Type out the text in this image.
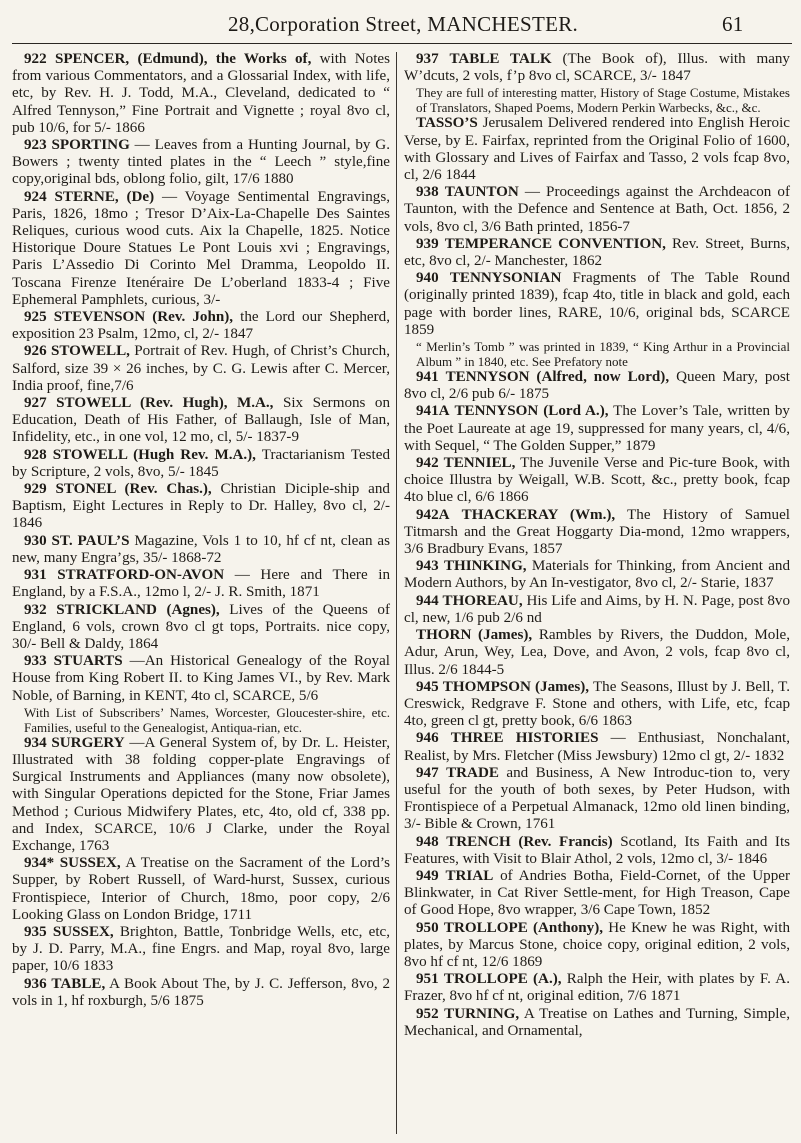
28, Corporation Street, MANCHESTER.	61

922 SPENCER, (Edmund), the Works of, with Notes from various Commentators, and a Glossarial Index, with life, etc, by Rev. H. J. Todd, M.A., Cleveland, dedicated to “ Alfred Tennyson,” Fine Portrait and Vignette ; royal 8vo cl, pub 10/6, for 5/- 1866

923 SPORTING — Leaves from a Hunting Journal, by G. Bowers ; twenty tinted plates in the “ Leech ” style,fine copy,original bds, oblong folio, gilt, 17/6 1880

924 STERNE, (De) — Voyage Sentimental Engravings, Paris, 1826, 18mo ; Tresor D’Aix-La-Chapelle Des Saintes Reliques, curious wood cuts. Aix la Chapelle, 1825. Notice Historique Doure Statues Le Pont Louis xvi ; Engravings, Paris L’Assedio Di Corinto Mel Dramma, Leopoldo II. Toscana Firenze Itenéraire De L’oberland 1833-4 ; Five Ephemeral Pamphlets, curious, 3/-

925 STEVENSON (Rev. John), the Lord our Shepherd, exposition 23 Psalm, 12mo, cl, 2/- 1847

926 STOWELL, Portrait of Rev. Hugh, of Christ’s Church, Salford, size 39 × 26 inches, by C. G. Lewis after C. Mercer, India proof, fine,7/6

927 STOWELL (Rev. Hugh), M.A., Six Sermons on Education, Death of His Father, of Ballaugh, Isle of Man, Infidelity, etc., in one vol, 12 mo, cl, 5/- 1837-9

928 STOWELL (Hugh Rev. M.A.), Tractarianism Tested by Scripture, 2 vols, 8vo, 5/- 1845

929 STONEL (Rev. Chas.), Christian Diciple-ship and Baptism, Eight Lectures in Reply to Dr. Halley, 8vo cl, 2/- 1846

930 ST. PAUL’S Magazine, Vols 1 to 10, hf cf nt, clean as new, many Engra’gs, 35/- 1868-72

931 STRATFORD-ON-AVON — Here and There in England, by a F.S.A., 12mo l, 2/- J. R. Smith, 1871

932 STRICKLAND (Agnes), Lives of the Queens of England, 6 vols, crown 8vo cl gt tops, Portraits. nice copy, 30/- Bell & Daldy, 1864

933 STUARTS —An Historical Genealogy of the Royal House from King Robert II. to King James VI., by Rev. Mark Noble, of Barning, in KENT, 4to cl, SCARCE, 5/6

With List of Subscribers’ Names, Worcester, Gloucester-shire, etc. Families, useful to the Genealogist, Antiqua-rian, etc.

934 SURGERY —A General System of, by Dr. L. Heister, Illustrated with 38 folding copper-plate Engravings of Surgical Instruments and Appliances (many now obsolete), with Singular Operations depicted for the Stone, Friar James Method ; Curious Midwifery Plates, etc, 4to, old cf, 338 pp. and Index, SCARCE, 10/6 J Clarke, under the Royal Exchange, 1763

934* SUSSEX, A Treatise on the Sacrament of the Lord’s Supper, by Robert Russell, of Ward-hurst, Sussex, curious Frontispiece, Interior of Church, 18mo, poor copy, 2/6 Looking Glass on London Bridge, 1711

935 SUSSEX, Brighton, Battle, Tonbridge Wells, etc, etc, by J. D. Parry, M.A., fine Engrs. and Map, royal 8vo, large paper, 10/6 1833

936 TABLE, A Book About The, by J. C. Jefferson, 8vo, 2 vols in 1, hf roxburgh, 5/6 1875

937 TABLE TALK (The Book of), Illus. with many W’dcuts, 2 vols, f’p 8vo cl, SCARCE, 3/- 1847

They are full of interesting matter, History of Stage Costume, Mistakes of Translators, Shaped Poems, Modern Perkin Warbecks, &c., &c.

TASSO’S Jerusalem Delivered rendered into English Heroic Verse, by E. Fairfax, reprinted from the Original Folio of 1600, with Glossary and Lives of Fairfax and Tasso, 2 vols fcap 8vo, cl, 2/6 1844

938 TAUNTON — Proceedings against the Archdeacon of Taunton, with the Defence and Sentence at Bath, Oct. 1856, 2 vols, 8vo cl, 3/6 Bath printed, 1856-7

939 TEMPERANCE CONVENTION, Rev. Street, Burns, etc, 8vo cl, 2/- Manchester, 1862

940 TENNYSONIAN Fragments of The Table Round (originally printed 1839), fcap 4to, title in black and gold, each page with border lines, RARE, 10/6, original bds, SCARCE 1859

“ Merlin’s Tomb ” was printed in 1839, “ King Arthur in a Provincial Album ” in 1840, etc. See Prefatory note

941 TENNYSON (Alfred, now Lord), Queen Mary, post 8vo cl, 2/6 pub 6/- 1875

941A TENNYSON (Lord A.), The Lover’s Tale, written by the Poet Laureate at age 19, suppressed for many years, cl, 4/6, with Sequel, “ The Golden Supper,” 1879

942 TENNIEL, The Juvenile Verse and Pic-ture Book, with choice Illustra by Weigall, W.B. Scott, &c., pretty book, fcap 4to blue cl, 6/6 1866

942A THACKERAY (Wm.), The History of Samuel Titmarsh and the Great Hoggarty Dia-mond, 12mo wrappers, 3/6 Bradbury Evans, 1857

943 THINKING, Materials for Thinking, from Ancient and Modern Authors, by An In-vestigator, 8vo cl, 2/- Starie, 1837

944 THOREAU, His Life and Aims, by H. N. Page, post 8vo cl, new, 1/6 pub 2/6 nd

THORN (James), Rambles by Rivers, the Duddon, Mole, Adur, Arun, Wey, Lea, Dove, and Avon, 2 vols, fcap 8vo cl, Illus. 2/6 1844-5

945 THOMPSON (James), The Seasons, Illust by J. Bell, T. Creswick, Redgrave F. Stone and others, with Life, etc, fcap 4to, green cl gt, pretty book, 6/6 1863

946 THREE HISTORIES — Enthusiast, Nonchalant, Realist, by Mrs. Fletcher (Miss Jewsbury) 12mo cl gt, 2/- 1832

947 TRADE and Business, A New Introduc-tion to, very useful for the youth of both sexes, by Peter Hudson, with Frontispiece of a Perpetual Almanack, 12mo old linen binding, 3/- Bible & Crown, 1761

948 TRENCH (Rev. Francis) Scotland, Its Faith and Its Features, with Visit to Blair Athol, 2 vols, 12mo cl, 3/- 1846

949 TRIAL of Andries Botha, Field-Cornet, of the Upper Blinkwater, in Cat River Settle-ment, for High Treason, Cape of Good Hope, 8vo wrapper, 3/6 Cape Town, 1852

950 TROLLOPE (Anthony), He Knew he was Right, with plates, by Marcus Stone, choice copy, original edition, 2 vols, 8vo hf cf nt, 12/6 1869

951 TROLLOPE (A.), Ralph the Heir, with plates by F. A. Frazer, 8vo hf cf nt, original edition, 7/6 1871

952 TURNING, A Treatise on Lathes and Turning, Simple, Mechanical, and Ornamental,
